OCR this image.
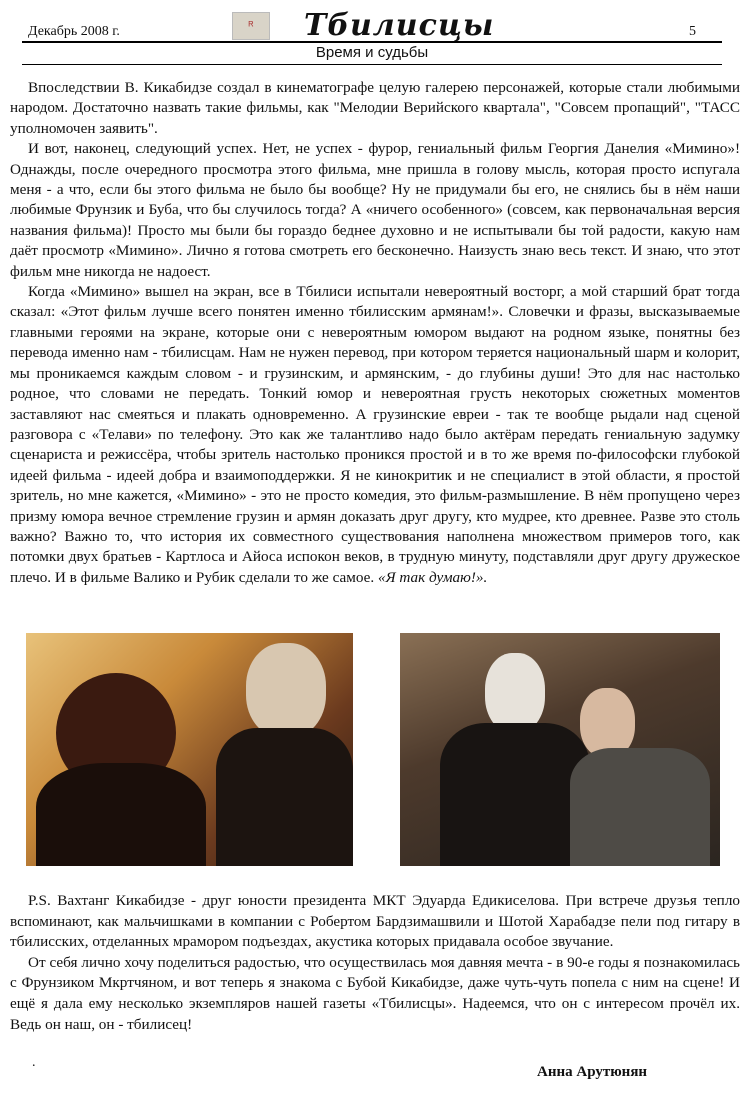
Декабрь 2008 г.	ᴿ	Тбилисцы	5
Время и судьбы

Впоследствии В. Кикабидзе создал в кинематографе целую галерею персонажей, которые стали любимыми народом. Достаточно назвать такие фильмы, как "Мелодии Верийского квартала", "Совсем пропащий", "ТАСС уполномочен заявить".

И вот, наконец, следующий успех. Нет, не успех - фурор, гениальный фильм Георгия Данелия «Мимино»! Однажды, после очередного просмотра этого фильма, мне пришла в голову мысль, которая просто испугала меня - а что, если бы этого фильма не было бы вообще? Ну не придумали бы его, не снялись бы в нём наши любимые Фрунзик и Буба, что бы случилось тогда? А «ничего особенного» (совсем, как первоначальная версия названия фильма)! Просто мы были бы гораздо беднее духовно и не испытывали бы той радости, какую нам даёт просмотр «Мимино». Лично я готова смотреть его бесконечно. Наизусть знаю весь текст. И знаю, что этот фильм мне никогда не надоест.

Когда «Мимино» вышел на экран, все в Тбилиси испытали невероятный восторг, а мой старший брат тогда сказал: «Этот фильм лучше всего понятен именно тбилисским армянам!». Словечки и фразы, высказываемые главными героями на экране, которые они с невероятным юмором выдают на родном языке, понятны без перевода именно нам - тбилисцам. Нам не нужен перевод, при котором теряется национальный шарм и колорит, мы проникаемся каждым словом - и грузинским, и армянским, - до глубины души! Это для нас настолько родное, что словами не передать. Тонкий юмор и невероятная грусть некоторых сюжетных моментов заставляют нас смеяться и плакать одновременно. А грузинские евреи - так те вообще рыдали над сценой разговора с «Телави» по телефону. Это как же талантливо надо было актёрам передать гениальную задумку сценариста и режиссёра, чтобы зритель настолько проникся простой и в то же время по-философски глубокой идеей фильма - идеей добра и взаимоподдержки. Я не кинокритик и не специалист в этой области, я простой зритель, но мне кажется, «Мимино» - это не просто комедия, это фильм-размышление. В нём пропущено через призму юмора вечное стремление грузин и армян доказать друг другу, кто мудрее, кто древнее. Разве это столь важно? Важно то, что история их совместного существования наполнена множеством примеров того, как потомки двух братьев - Картлоса и Айоса испокон веков, в трудную минуту, подставляли друг другу дружеское плечо. И в фильме Валико и Рубик сделали то же самое. «Я так думаю!».

P.S. Вахтанг Кикабидзе - друг юности президента МКТ Эдуарда Едикиселова. При встрече друзья тепло вспоминают, как мальчишками в компании с Робертом Бардзимашвили и Шотой Харабадзе пели под гитару в тбилисских, отделанных мрамором подъездах, акустика которых придавала особое звучание.

От себя лично хочу поделиться радостью, что осуществилась моя давняя мечта - в 90-е годы я познакомилась с Фрунзиком Мкртчяном, и вот теперь я знакома с Бубой Кикабидзе, даже чуть-чуть попела с ним на сцене! И ещё я дала ему несколько экземпляров нашей газеты «Тбилисцы». Надеемся, что он с интересом прочёл их. Ведь он наш, он - тбилисец!

.
Анна Арутюнян
